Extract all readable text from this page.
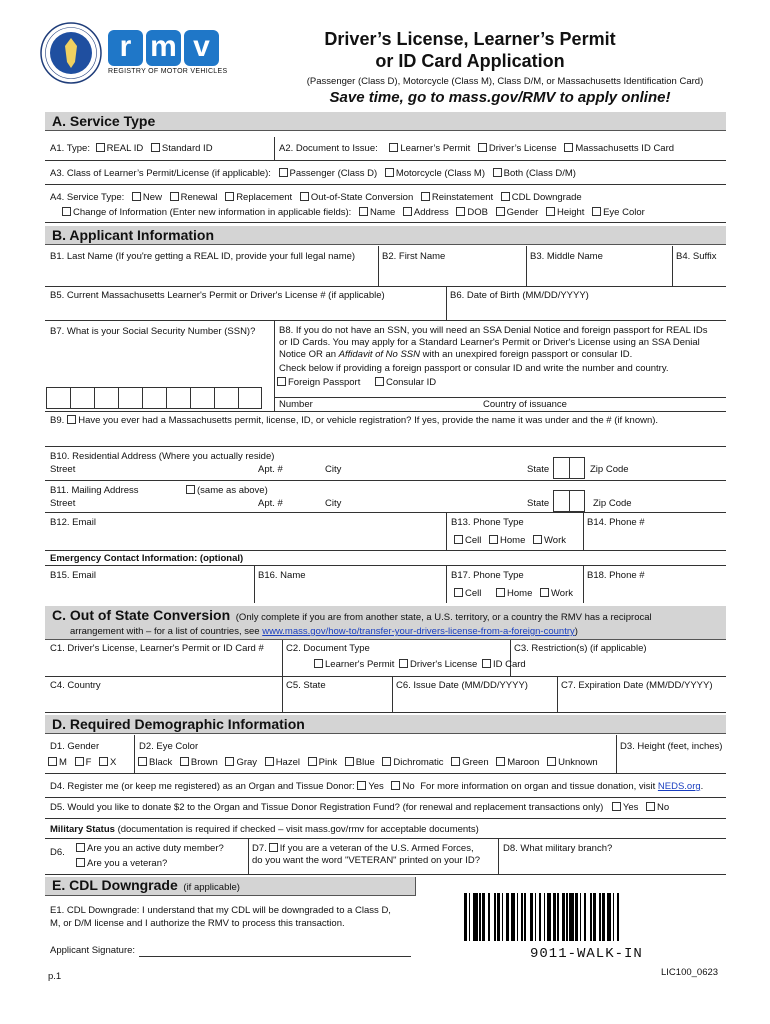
r m v
REGISTRY OF MOTOR VEHICLES
Driver’s License, Learner’s Permit
or ID Card Application
(Passenger (Class D), Motorcycle (Class M), Class D/M, or Massachusetts Identification Card)
Save time, go to mass.gov/RMV to apply online!
A. Service Type
A1. Type: REAL ID Standard ID	A2. Document to Issue: Learner’s Permit Driver’s License Massachusetts ID Card
A3. Class of Learner’s Permit/License (if applicable): Passenger (Class D) Motorcycle (Class M) Both (Class D/M)
A4. Service Type: New Renewal Replacement Out-of-State Conversion Reinstatement CDL Downgrade
Change of Information (Enter new information in applicable fields): Name Address DOB Gender Height Eye Color
B. Applicant Information
B1. Last Name (If you're getting a REAL ID, provide your full legal name)	B2. First Name	B3. Middle Name	B4. Suffix
B5. Current Massachusetts Learner's Permit or Driver's License # (if applicable)	B6. Date of Birth (MM/DD/YYYY)
B7. What is your Social Security Number (SSN)? B8. If you do not have an SSN, you will need an SSA Denial Notice and foreign passport for REAL IDs
or ID Cards. You may apply for a Standard Learner's Permit or Driver's License using an SSA Denial
Notice OR an Affidavit of No SSN with an unexpired foreign passport or consular ID.
Check below if providing a foreign passport or consular ID and write the number and country.
Foreign Passport	Consular ID
Number	Country of issuance
B9. Have you ever had a Massachusetts permit, license, ID, or vehicle registration? If yes, provide the name it was under and the # (if known).
B10. Residential Address (Where you actually reside)
Street	Apt. #	City	State	Zip Code
B11. Mailing Address	(same as above)
Street	Apt. #	City	State	Zip Code
B12. Email	B13. Phone Type	B14. Phone #
Cell Home Work
Emergency Contact Information: (optional)
B15. Email	B16. Name	B17. Phone Type	B18. Phone #
Cell	Home Work
C. Out of State Conversion (Only complete if you are from another state, a U.S. territory, or a country the RMV has a reciprocal
arrangement with – for a list of countries, see www.mass.gov/how-to/transfer-your-drivers-license-from-a-foreign-country)
C1. Driver's License, Learner's Permit or ID Card # C2. Document Type	C3. Restriction(s) (if applicable)
Learner's Permit Driver's License ID Card
C4. Country	C5. State	C6. Issue Date (MM/DD/YYYY)	C7. Expiration Date (MM/DD/YYYY)
D. Required Demographic Information
D1. Gender	D2. Eye Color	D3. Height (feet, inches)
M F X	Black Brown Gray Hazel Pink Blue Dichromatic Green Maroon Unknown
D4. Register me (or keep me registered) as an Organ and Tissue Donor: Yes No For more information on organ and tissue donation, visit NEDS.org.
D5. Would you like to donate $2 to the Organ and Tissue Donor Registration Fund? (for renewal and replacement transactions only) Yes No
Military Status (documentation is required if checked – visit mass.gov/rmv for acceptable documents)
D6.	Are you an active duty member?
Are you a veteran?
D7. If you are a veteran of the U.S. Armed Forces,
do you want the word "VETERAN" printed on your ID?
D8. What military branch?
E. CDL Downgrade (if applicable)
E1. CDL Downgrade: I understand that my CDL will be downgraded to a Class D,
M, or D/M license and I authorize the RMV to process this transaction.
Applicant Signature:	9011-WALK-IN
p.1	LIC100_0623
